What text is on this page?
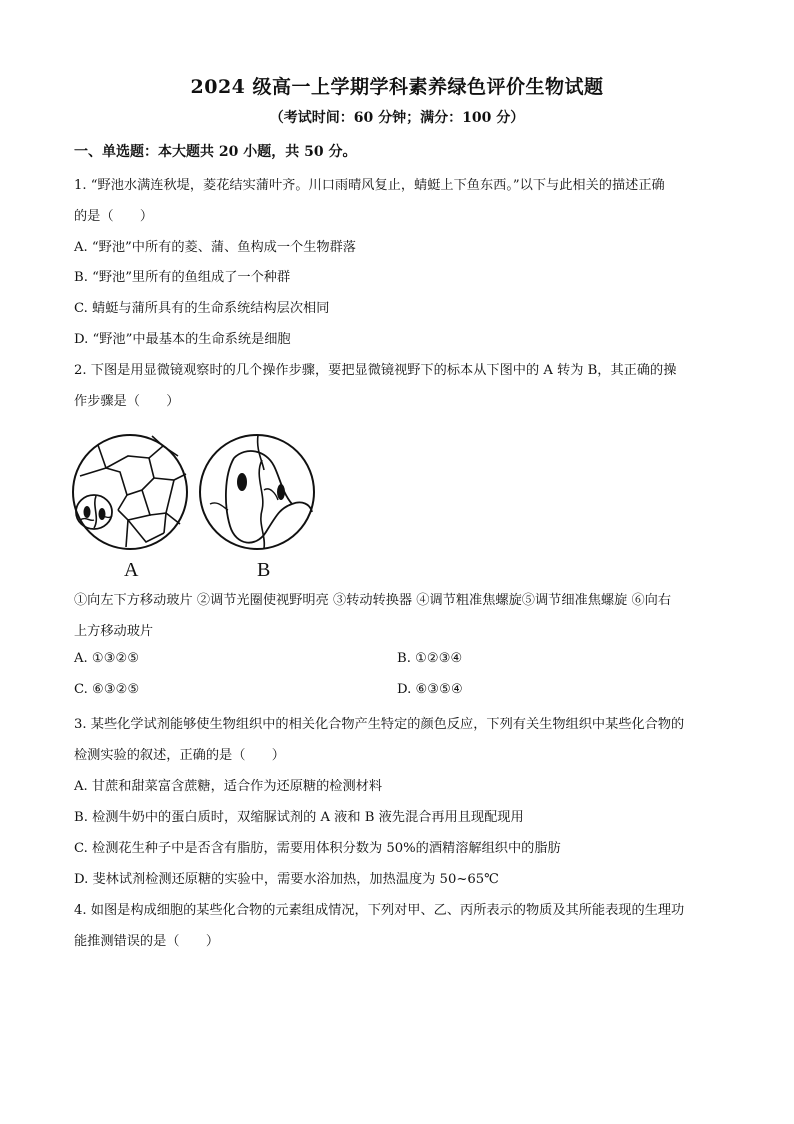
2024 级高一上学期学科素养绿色评价生物试题
（考试时间：60 分钟；满分：100 分）
一、单选题：本大题共 20 小题，共 50 分。
1. “野池水满连秋堤，菱花结实蒲叶齐。川口雨晴风复止，蜻蜓上下鱼东西。”以下与此相关的描述正确
的是（　　）
A. “野池”中所有的菱、蒲、鱼构成一个生物群落
B. “野池”里所有的鱼组成了一个种群
C. 蜻蜓与蒲所具有的生命系统结构层次相同
D. “野池”中最基本的生命系统是细胞
2. 下图是用显微镜观察时的几个操作步骤，要把显微镜视野下的标本从下图中的 A 转为 B，其正确的操
作步骤是（　　）
A	B
①向左下方移动玻片 ②调节光圈使视野明亮 ③转动转换器 ④调节粗准焦螺旋⑤调节细准焦螺旋 ⑥向右
上方移动玻片
A. ①③②⑤	B. ①②③④
C. ⑥③②⑤	D. ⑥③⑤④
3. 某些化学试剂能够使生物组织中的相关化合物产生特定的颜色反应，下列有关生物组织中某些化合物的
检测实验的叙述，正确的是（　　）
A. 甘蔗和甜菜富含蔗糖，适合作为还原糖的检测材料
B. 检测牛奶中的蛋白质时，双缩脲试剂的 A 液和 B 液先混合再用且现配现用
C. 检测花生种子中是否含有脂肪，需要用体积分数为 50%的酒精溶解组织中的脂肪
D. 斐林试剂检测还原糖的实验中，需要水浴加热，加热温度为 50~65℃
4. 如图是构成细胞的某些化合物的元素组成情况，下列对甲、乙、丙所表示的物质及其所能表现的生理功
能推测错误的是（　　）
